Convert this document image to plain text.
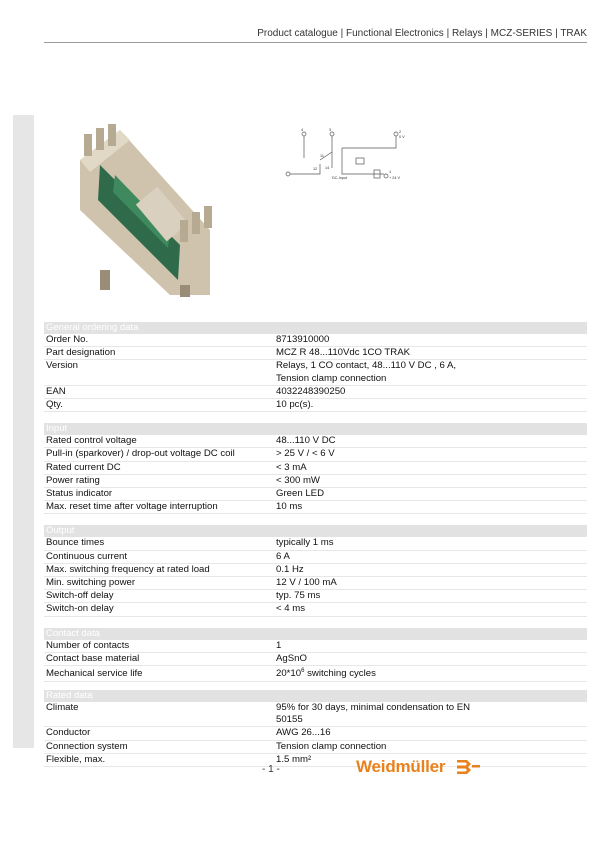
Product catalogue | Functional Electronics | Relays | MCZ-SERIES | TRAK
4	3	2
0 V
11
12 14
DC-Input
1
+ 24 V
General ordering data
Order No.	8713910000
Part designation	MCZ R 48...110Vdc 1CO TRAK
Version	Relays, 1 CO contact, 48...110 V DC , 6 A,
Tension clamp connection
EAN	4032248390250
Qty.	10 pc(s).
Input
Rated control voltage	48...110 V DC
Pull-in (sparkover) / drop-out voltage DC coil	> 25 V / < 6 V
Rated current DC	< 3 mA
Power rating	< 300 mW
Status indicator	Green LED
Max. reset time after voltage interruption	10 ms
Output
Bounce times	typically 1 ms
Continuous current	6 A
Max. switching frequency at rated load	0.1 Hz
Min. switching power	12 V / 100 mA
Switch-off delay	typ. 75 ms
Switch-on delay	< 4 ms
Contact data
Number of contacts	1
Contact base material	AgSnO
Mechanical service life	$20*10^6$ switching cycles
Rated data
Climate	95% for 30 days, minimal condensation to EN
50155
Conductor	AWG 26...16
Connection system	Tension clamp connection
Flexible, max.	1.5 mm²
- 1 -	Weidmüller
